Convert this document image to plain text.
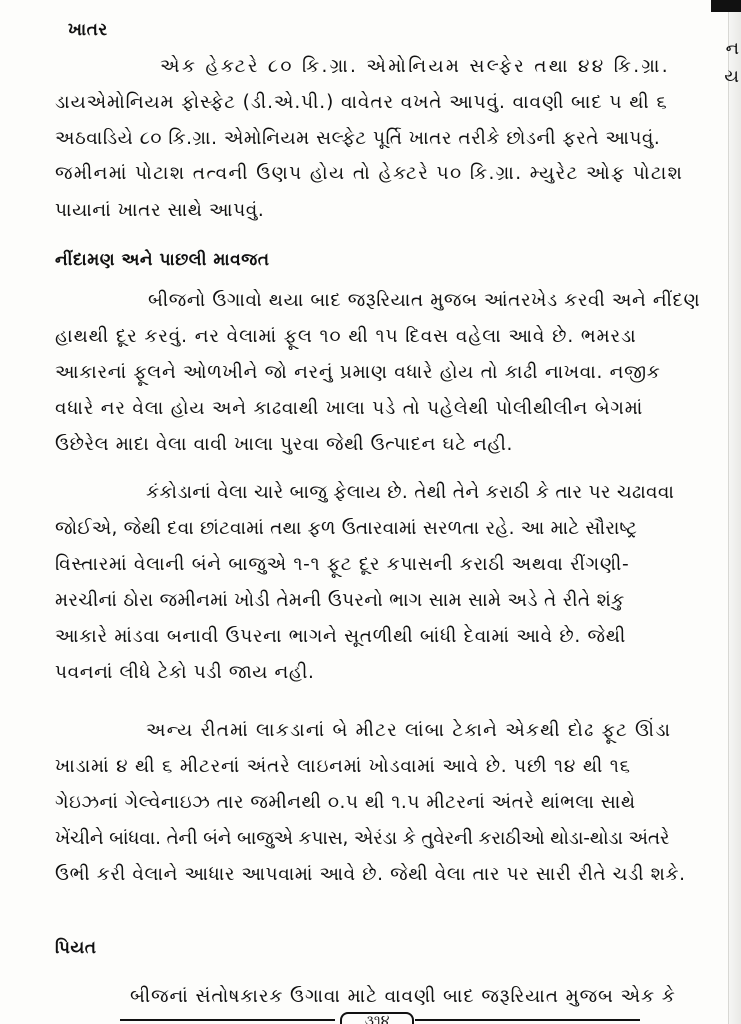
ન
ય
ખાતર
એક હેક્ટરે ૮૦ કિ.ગ્રા. એમોનિયમ સલ્ફેર તથા ૪૪ કિ.ગ્રા.
ડાયએમોનિયમ ફોસ્ફેટ (ડી.એ.પી.) વાવેતર વખતે આપવું. વાવણી બાદ ૫ થી ૬
અઠવાડિયે ૮૦ કિ.ગ્રા. એમોનિયમ સલ્ફેટ પૂર્તિ ખાતર તરીકે છોડની ફરતે આપવું.
જમીનમાં પોટાશ તત્વની ઉણપ હોય તો હેક્ટરે ૫૦ કિ.ગ્રા. મ્યુરેટ ઓફ પોટાશ
પાયાનાં ખાતર સાથે આપવું.
નીંદામણ અને પાછલી માવજત
બીજનો ઉગાવો થયા બાદ જરૂરિયાત મુજબ આંતરખેડ કરવી અને નીંદણ
હાથથી દૂર કરવું. નર વેલામાં ફૂલ ૧૦ થી ૧૫ દિવસ વહેલા આવે છે. ભમરડા
આકારનાં ફૂલને ઓળખીને જો નરનું પ્રમાણ વધારે હોય તો કાઢી નાખવા. નજીક
વધારે નર વેલા હોય અને કાઢવાથી ખાલા પડે તો પહેલેથી પોલીથીલીન બેગમાં
ઉછેરેલ માદા વેલા વાવી ખાલા પુરવા જેથી ઉત્પાદન ઘટે નહી.
કંકોડાનાં વેલા ચારે બાજુ ફેલાય છે. તેથી તેને કરાઠી કે તાર પર ચઢાવવા
જોઈએ, જેથી દવા છાંટવામાં તથા ફળ ઉતારવામાં સરળતા રહે. આ માટે સૌરાષ્ટ્ર
વિસ્તારમાં વેલાની બંને બાજુએ ૧-૧ ફૂટ દૂર કપાસની કરાઠી અથવા રીંગણી-
મરચીનાં ઠોરા જમીનમાં ખોડી તેમની ઉપરનો ભાગ સામ સામે અડે તે રીતે શંકુ
આકારે માંડવા બનાવી ઉપરના ભાગને સૂતળીથી બાંધી દેવામાં આવે છે. જેથી
પવનનાં લીધે ટેકો પડી જાય નહી.
અન્ય રીતમાં લાકડાનાં બે મીટર લાંબા ટેકાને એકથી દોઢ ફૂટ ઊંડા
ખાડામાં ૪ થી ૬ મીટરનાં અંતરે લાઇનમાં ખોડવામાં આવે છે. પછી ૧૪ થી ૧૬
ગેઇઝનાં ગેલ્વેનાઇઝ તાર જમીનથી ૦.૫ થી ૧.૫ મીટરનાં અંતરે થાંભલા સાથે
ખેંચીને બાંધવા. તેની બંને બાજુએ કપાસ, એરંડા કે તુવેરની કરાઠીઓ થોડા-થોડા અંતરે
ઉભી કરી વેલાને આધાર આપવામાં આવે છે. જેથી વેલા તાર પર સારી રીતે ચડી શકે.
પિયત
બીજનાં સંતોષકારક ઉગાવા માટે વાવણી બાદ જરૂરિયાત મુજબ એક કે
૩૧૪
